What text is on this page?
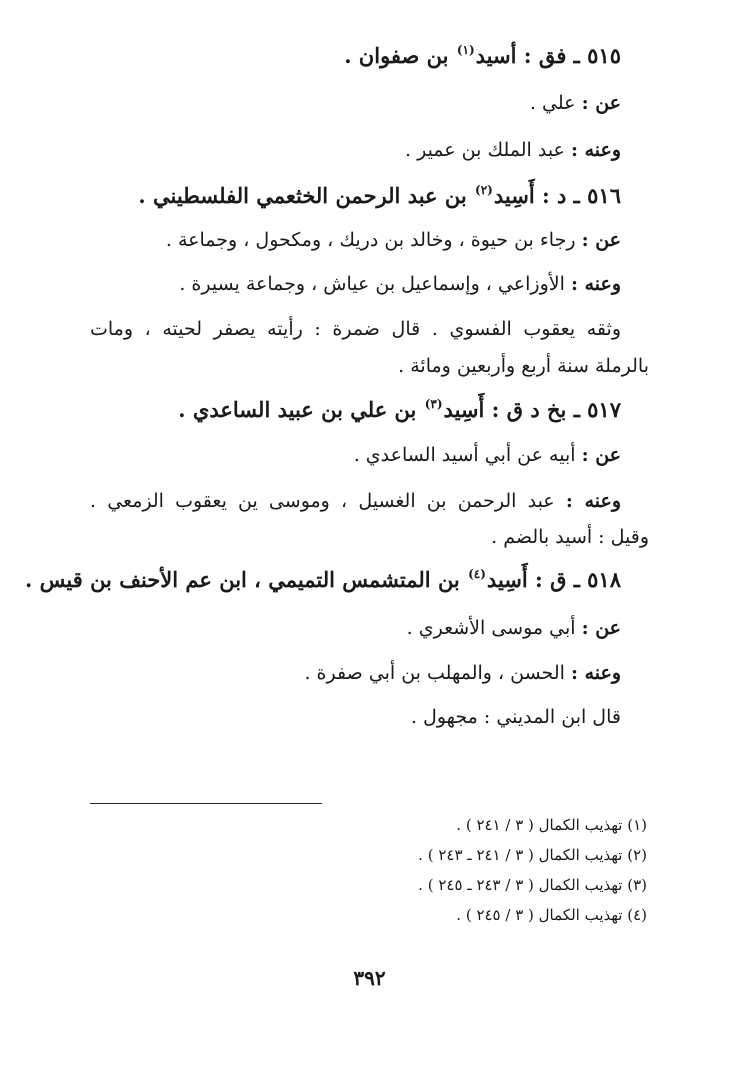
٥١٥ ـ فق : أسيد$^{(١)}$ بن صفوان .
عن : علي .
وعنه : عبد الملك بن عمير .
٥١٦ ـ د : أَسِيد$^{(٢)}$ بن عبد الرحمن الخثعمي الفلسطيني .
عن : رجاء بن حيوة ، وخالد بن دريك ، ومكحول ، وجماعة .
وعنه : الأوزاعي ، وإسماعيل بن عياش ، وجماعة يسيرة .
وثقه يعقوب الفسوي . قال ضمرة : رأيته يصفر لحيته ، ومات
بالرملة سنة أربع وأربعين ومائة .
٥١٧ ـ بخ د ق : أَسِيد$^{(٣)}$ بن علي بن عبيد الساعدي .
عن : أبيه عن أبي أسيد الساعدي .
وعنه : عبد الرحمن بن الغسيل ، وموسى ين يعقوب الزمعي .
وقيل : أسيد بالضم .
٥١٨ ـ ق : أَسِيد$^{(٤)}$ بن المتشمس التميمي ، ابن عم الأحنف بن قيس .
عن : أبي موسى الأشعري .
وعنه : الحسن ، والمهلب بن أبي صفرة .
قال ابن المديني : مجهول .
(١) تهذيب الكمال ( ٣ / ٢٤١ ) .
(٢) تهذيب الكمال ( ٣ / ٢٤١ ـ ٢٤٣ ) .
(٣) تهذيب الكمال ( ٣ / ٢٤٣ ـ ٢٤٥ ) .
(٤) تهذيب الكمال ( ٣ / ٢٤٥ ) .
٣٩٢
